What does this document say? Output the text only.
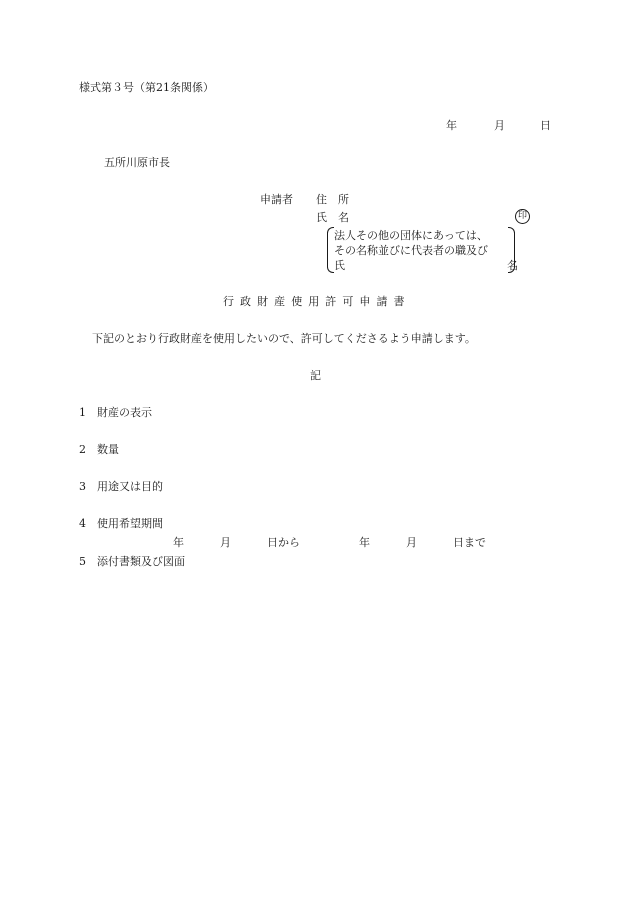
様式第３号（第21条関係）
年	月	日
五所川原市長
申請者 住　所
氏　名	印
法人その他の団体にあっては、
その名称並びに代表者の職及び
氏	名
行政財産使用許可申請書
下記のとおり行政財産を使用したいので、許可してくださるよう申請します。
記
1 財産の表示
2 数量
3 用途又は目的
4 使用希望期間
年	月	日から	年	月	日まで
5 添付書類及び図面
